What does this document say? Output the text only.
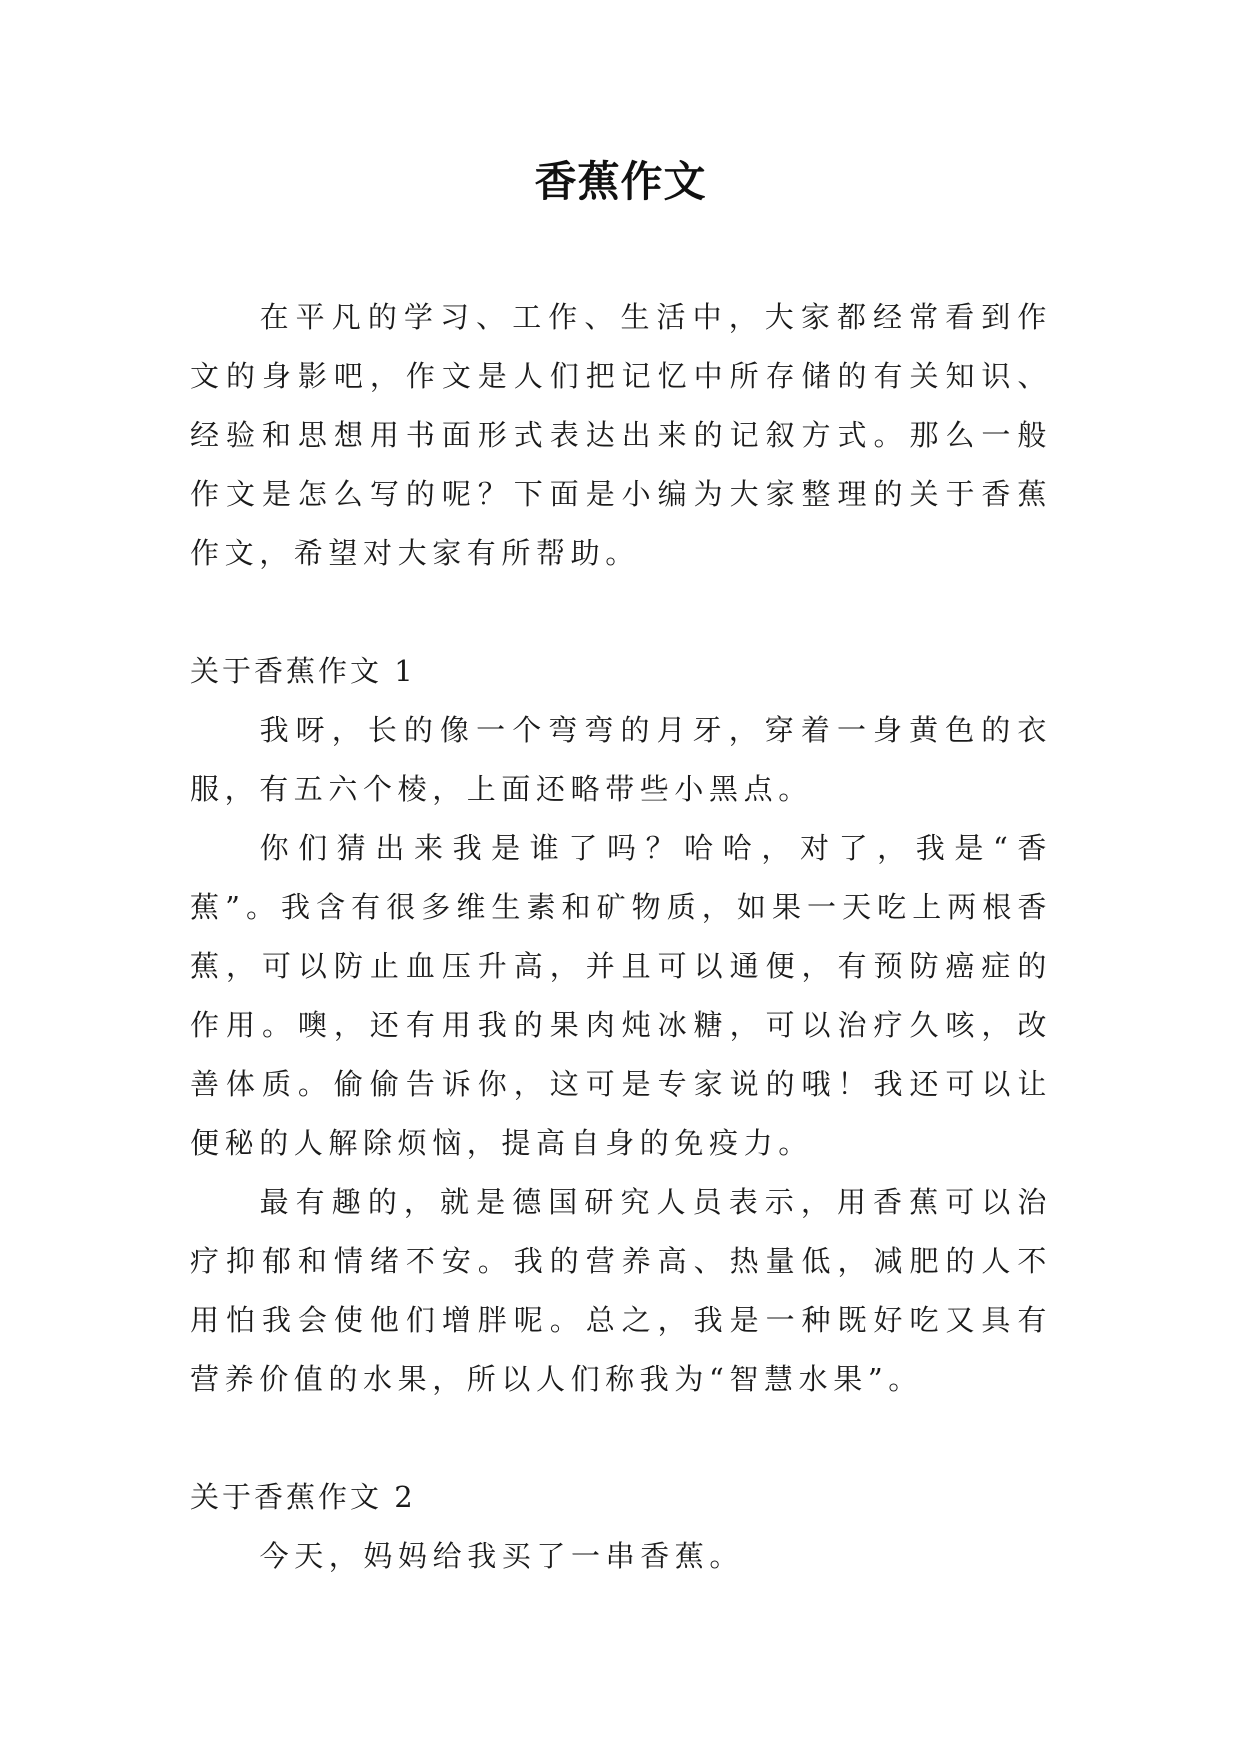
香蕉作文

在平凡的学习、工作、生活中，大家都经常看到作文的身影吧，作文是人们把记忆中所存储的有关知识、经验和思想用书面形式表达出来的记叙方式。那么一般作文是怎么写的呢？下面是小编为大家整理的关于香蕉作文，希望对大家有所帮助。

关于香蕉作文 1

我呀，长的像一个弯弯的月牙，穿着一身黄色的衣服，有五六个棱，上面还略带些小黑点。

你们猜出来我是谁了吗？哈哈，对了，我是“香蕉”。我含有很多维生素和矿物质，如果一天吃上两根香蕉，可以防止血压升高，并且可以通便，有预防癌症的作用。噢，还有用我的果肉炖冰糖，可以治疗久咳，改善体质。偷偷告诉你，这可是专家说的哦！我还可以让便秘的人解除烦恼，提高自身的免疫力。

最有趣的，就是德国研究人员表示，用香蕉可以治疗抑郁和情绪不安。我的营养高、热量低，减肥的人不用怕我会使他们增胖呢。总之，我是一种既好吃又具有营养价值的水果，所以人们称我为“智慧水果”。

关于香蕉作文 2

今天，妈妈给我买了一串香蕉。
